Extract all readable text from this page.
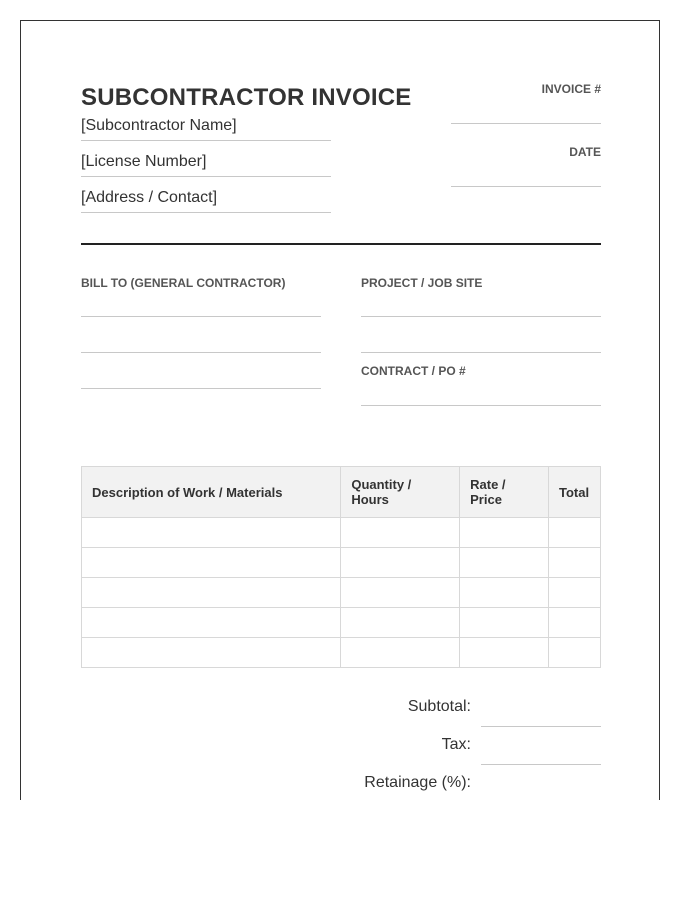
SUBCONTRACTOR INVOICE
[Subcontractor Name]
[License Number]
[Address / Contact]
INVOICE #
DATE
BILL TO (GENERAL CONTRACTOR)	PROJECT / JOB SITE
CONTRACT / PO #
Description of Work / Materials	Quantity / Hours	Rate / Price	Total

Subtotal:
Tax:
Retainage (%):
